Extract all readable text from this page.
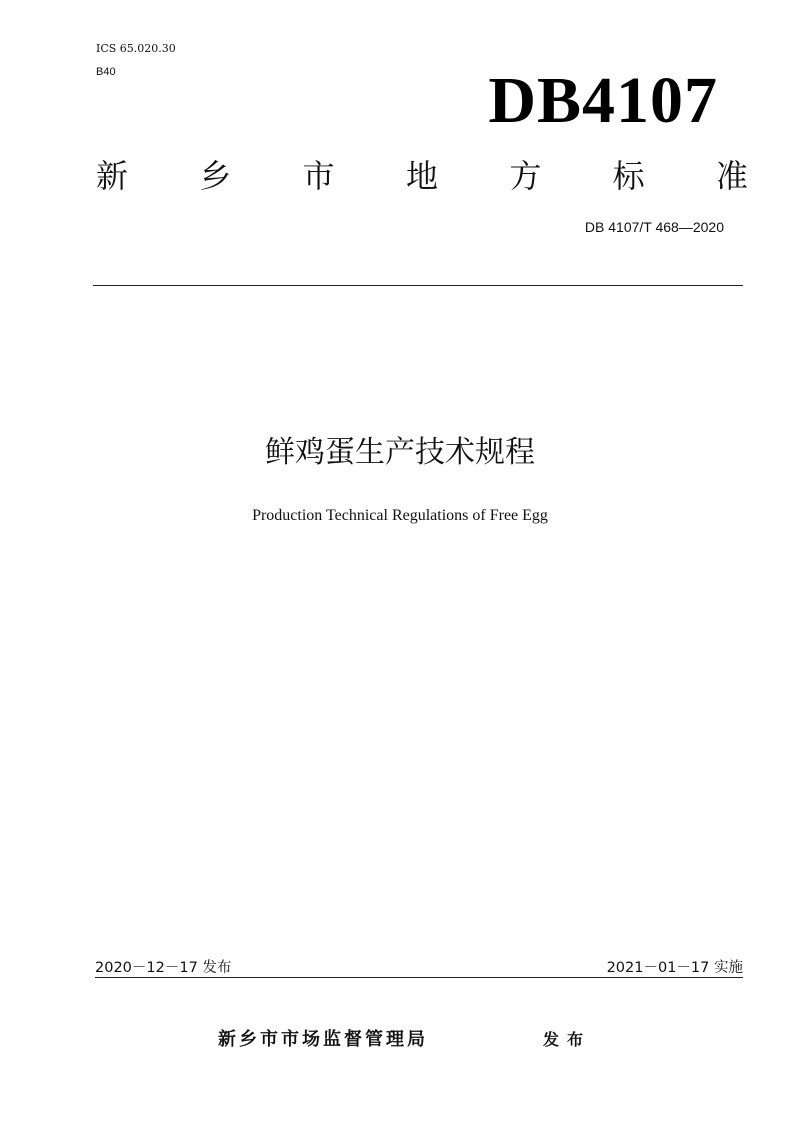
ICS 65.020.30
B40	DB4107
新 乡 市 地 方 标 准
DB 4107/T 468—2020
鲜鸡蛋生产技术规程
Production Technical Regulations of Free Egg
2020－12－17 发布	2021－01－17 实施
新乡市市场监督管理局	发布
